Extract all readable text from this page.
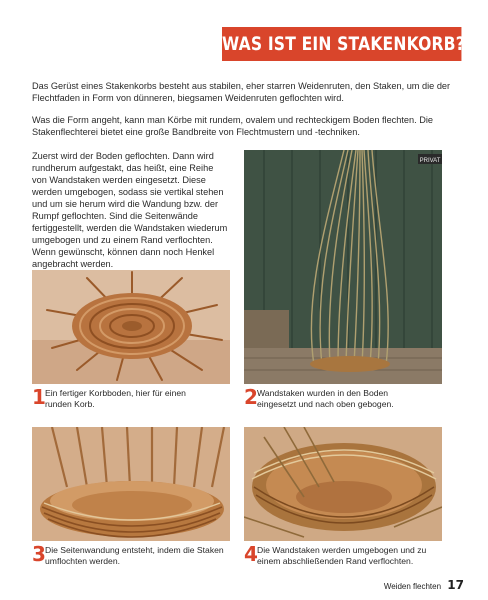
WAS IST EIN STAKENKORB?

Das Gerüst eines Stakenkorbs besteht aus stabilen, eher starren Weidenruten, den Staken, um die der Flechtfaden in Form von dünneren, biegsamen Weidenruten geflochten wird.

Was die Form angeht, kann man Körbe mit rundem, ovalem und rechteckigem Boden flechten. Die Stakenflechterei bietet eine große Bandbreite von Flechtmustern und -techniken.

Zuerst wird der Boden geflochten. Dann wird rundherum aufgestakt, das heißt, eine Reihe von Wandstaken werden eingesetzt. Diese werden umgebogen, sodass sie vertikal stehen und um sie herum wird die Wandung bzw. der Rumpf geflochten. Sind die Seitenwände fertiggestellt, werden die Wandstaken wiederum umgebogen und zu einem Rand verflochten. Wenn gewünscht, können dann noch Henkel angebracht werden.

PRIVAT
1 Ein fertiger Korbboden, hier für einen runden Korb.	2 Wandstaken wurden in den Boden eingesetzt und nach oben gebogen.
3 Die Seitenwandung entsteht, indem die Staken umflochten werden.	4 Die Wandstaken werden umgebogen und zu einem abschließenden Rand verflochten.
Weiden flechten 17
